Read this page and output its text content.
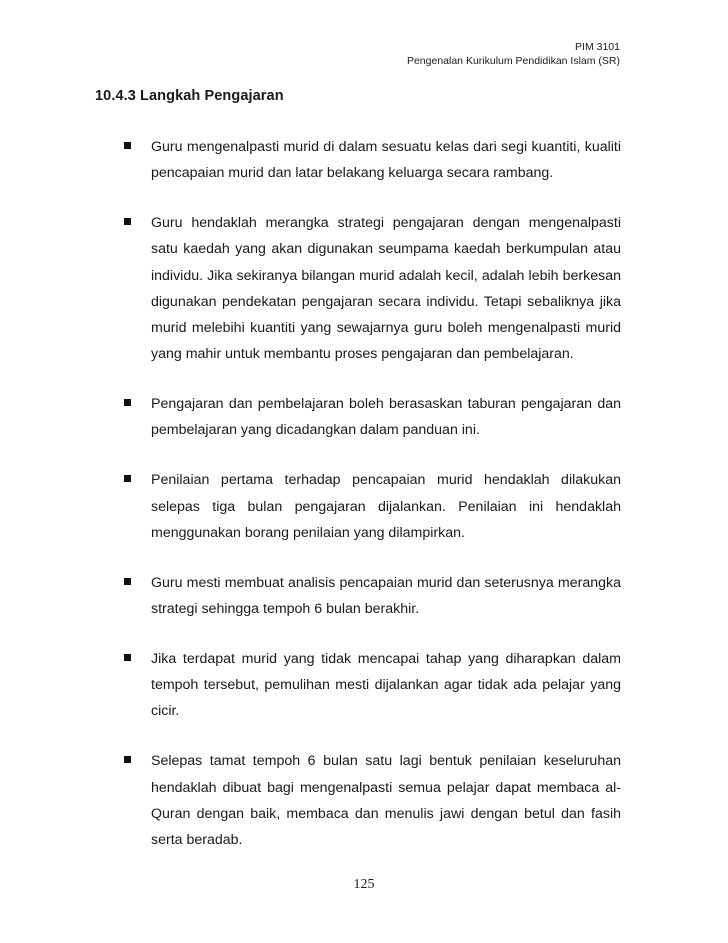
PIM 3101
Pengenalan Kurikulum Pendidikan Islam (SR)
10.4.3 Langkah Pengajaran
Guru mengenalpasti murid di dalam sesuatu kelas dari segi kuantiti, kualiti pencapaian murid dan latar belakang keluarga secara rambang.
Guru hendaklah merangka strategi pengajaran dengan mengenalpasti satu kaedah yang akan digunakan seumpama kaedah berkumpulan atau individu. Jika sekiranya bilangan murid adalah kecil, adalah lebih berkesan digunakan pendekatan pengajaran secara individu. Tetapi sebaliknya jika murid melebihi kuantiti yang sewajarnya guru boleh mengenalpasti murid yang mahir untuk membantu proses pengajaran dan pembelajaran.
Pengajaran dan pembelajaran boleh berasaskan taburan pengajaran dan pembelajaran yang dicadangkan dalam panduan ini.
Penilaian pertama terhadap pencapaian murid hendaklah dilakukan selepas tiga bulan pengajaran dijalankan. Penilaian ini hendaklah menggunakan borang penilaian yang dilampirkan.
Guru mesti membuat analisis pencapaian murid dan seterusnya merangka strategi sehingga tempoh 6 bulan berakhir.
Jika terdapat murid yang tidak mencapai tahap yang diharapkan dalam tempoh tersebut, pemulihan mesti dijalankan agar tidak ada pelajar yang cicir.
Selepas tamat tempoh 6 bulan satu lagi bentuk penilaian keseluruhan hendaklah dibuat bagi mengenalpasti semua pelajar dapat membaca al-Quran dengan baik, membaca dan menulis jawi dengan betul dan fasih serta beradab.
125
